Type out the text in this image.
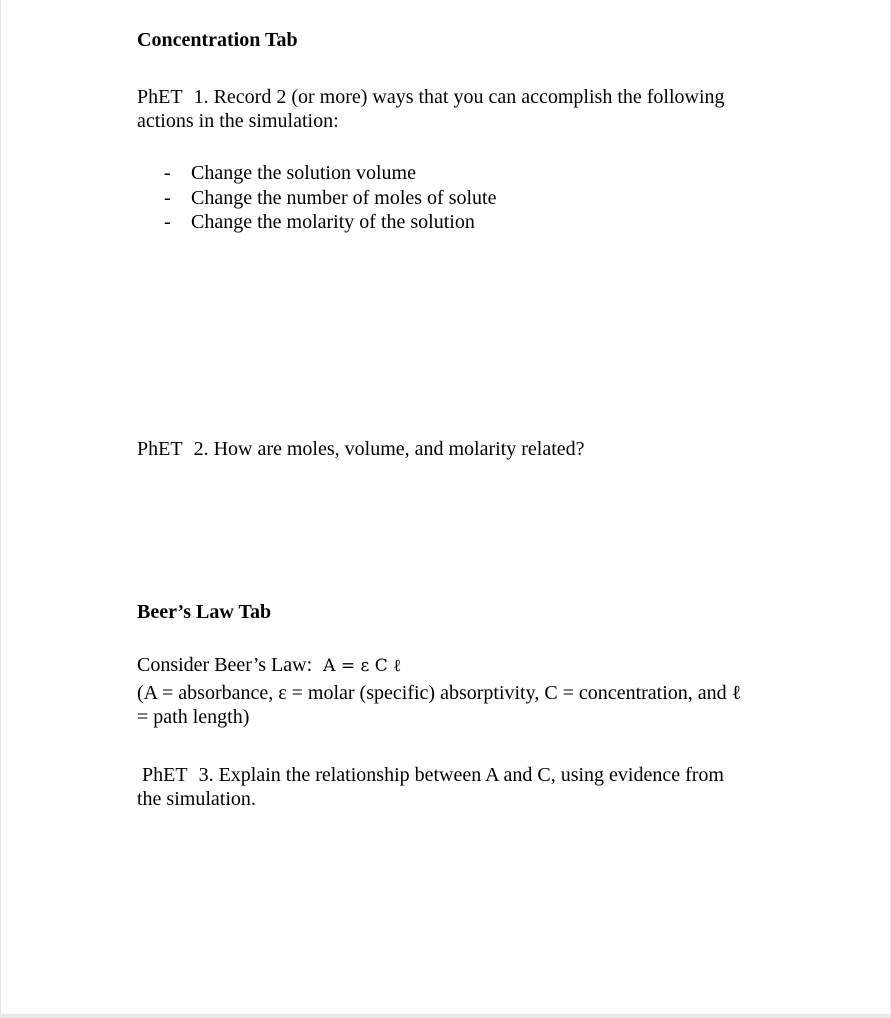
Concentration Tab
PhET 1. Record 2 (or more) ways that you can accomplish the following
actions in the simulation:
- Change the solution volume
- Change the number of moles of solute
- Change the molarity of the solution
PhET 2. How are moles, volume, and molarity related?
Beer’s Law Tab
Consider Beer’s Law: A = ε C ℓ
(A = absorbance, ε = molar (specific) absorptivity, C = concentration, and ℓ
= path length)
PhET 3. Explain the relationship between A and C, using evidence from
the simulation.
